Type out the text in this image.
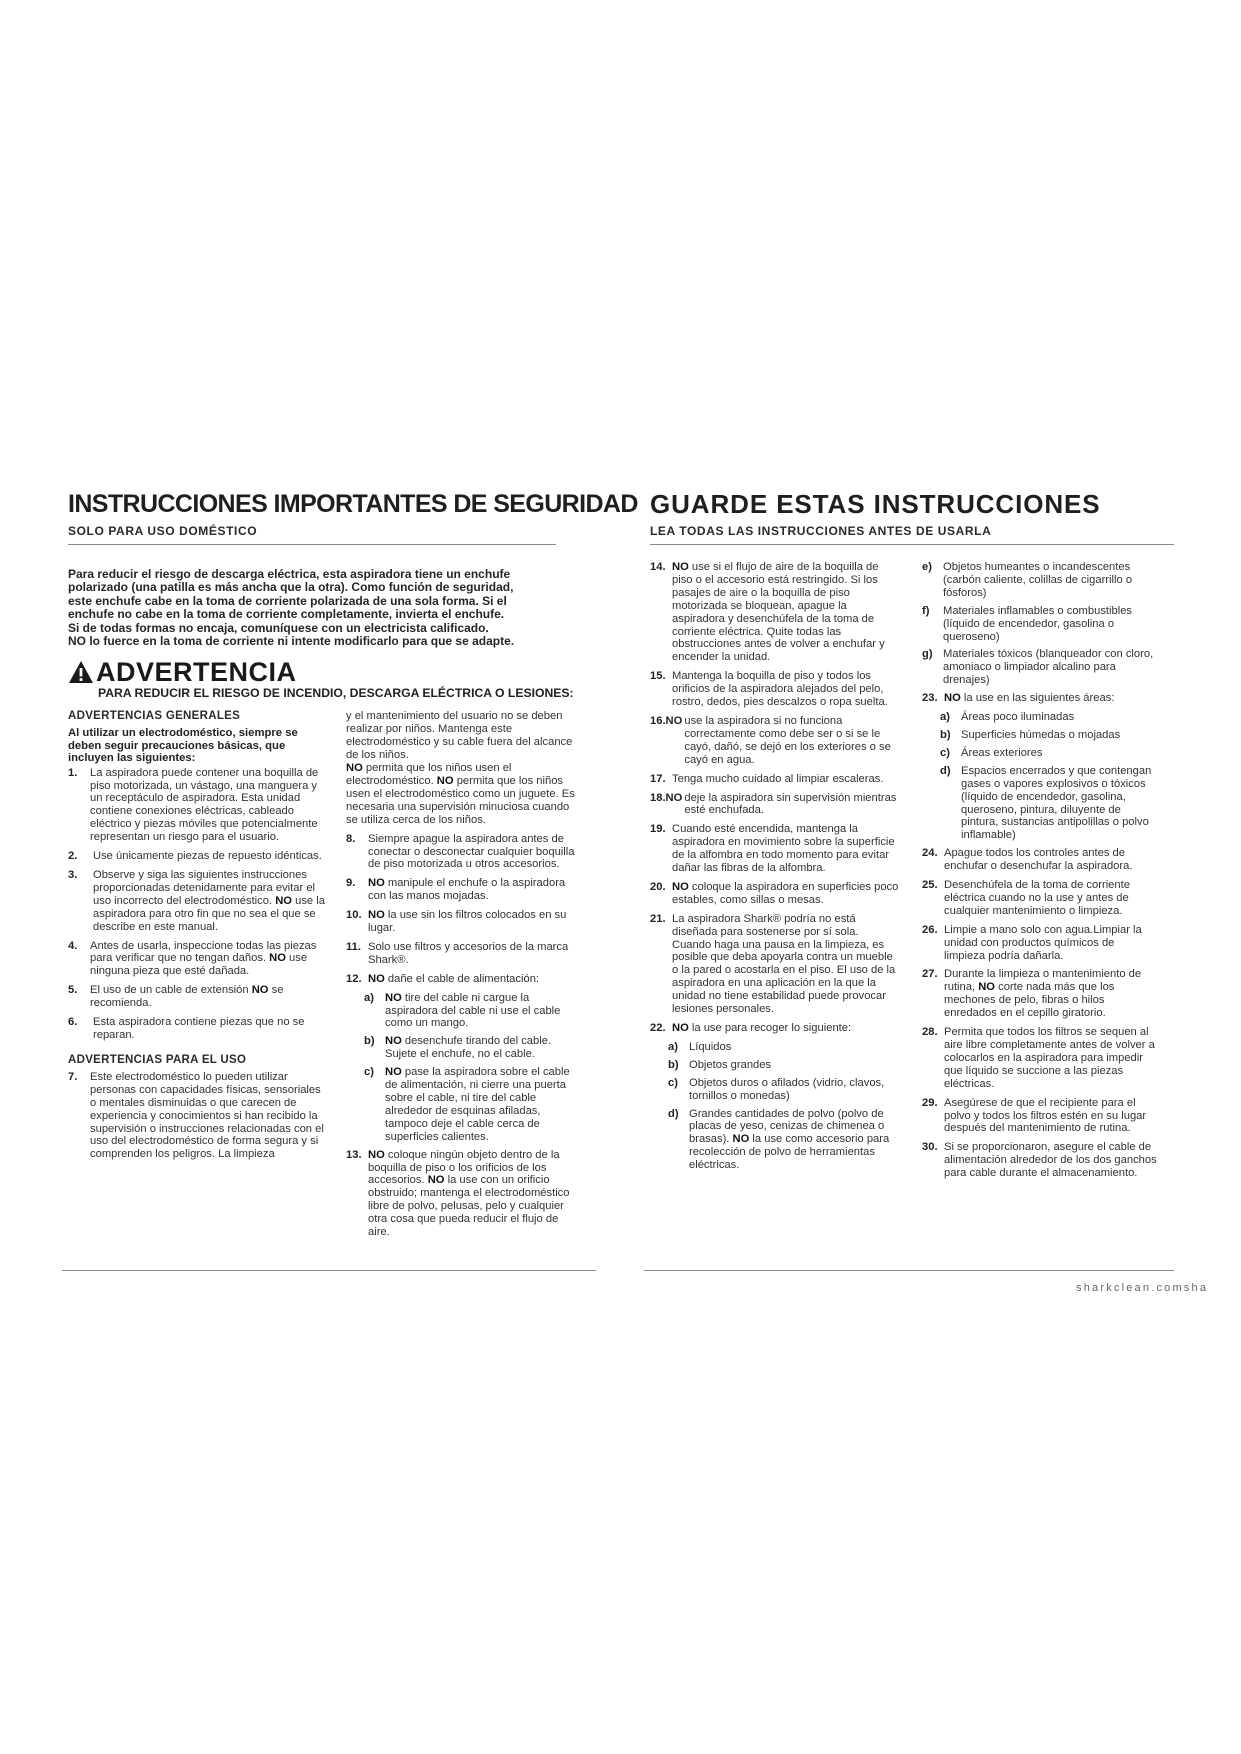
INSTRUCCIONES IMPORTANTES DE SEGURIDAD
SOLO PARA USO DOMÉSTICO
Para reducir el riesgo de descarga eléctrica, esta aspiradora tiene un enchufe
polarizado (una patilla es más ancha que la otra). Como función de seguridad,
este enchufe cabe en la toma de corriente polarizada de una sola forma. Si el
enchufe no cabe en la toma de corriente completamente, invierta el enchufe.
Si de todas formas no encaja, comuníquese con un electricista calificado.
NO lo fuerce en la toma de corriente ni intente modificarlo para que se adapte.
ADVERTENCIA
PARA REDUCIR EL RIESGO DE INCENDIO, DESCARGA ELÉCTRICA O LESIONES:
ADVERTENCIAS GENERALES
Al utilizar un electrodoméstico, siempre se deben seguir precauciones básicas, que incluyen las siguientes:
1.	La aspiradora puede contener una boquilla de piso motorizada, un vástago, una manguera y un receptáculo de aspiradora. Esta unidad contiene conexiones eléctricas, cableado eléctrico y piezas móviles que potencialmente representan un riesgo para el usuario.
2.	Use únicamente piezas de repuesto idénticas.
3.	Observe y siga las siguientes instrucciones proporcionadas detenidamente para evitar el uso incorrecto del electrodoméstico. NO use la aspiradora para otro fin que no sea el que se describe en este manual.
4.	Antes de usarla, inspeccione todas las piezas para verificar que no tengan daños. NO use ninguna pieza que esté dañada.
5.	El uso de un cable de extensión NO se recomienda.
6.	Esta aspiradora contiene piezas que no se reparan.
ADVERTENCIAS PARA EL USO
7.	Este electrodoméstico lo pueden utilizar personas con capacidades físicas, sensoriales o mentales disminuidas o que carecen de experiencia y conocimientos si han recibido la supervisión o instrucciones relacionadas con el uso del electrodoméstico de forma segura y si comprenden los peligros. La limpieza
y el mantenimiento del usuario no se deben realizar por niños. Mantenga este electrodoméstico y su cable fuera del alcance de los niños.
NO permita que los niños usen el electrodoméstico. NO permita que los niños usen el electrodoméstico como un juguete. Es necesaria una supervisión minuciosa cuando se utiliza cerca de los niños.
8.	Siempre apague la aspiradora antes de conectar o desconectar cualquier boquilla de piso motorizada u otros accesorios.
9.	NO manipule el enchufe o la aspiradora con las manos mojadas.
10. NO la use sin los filtros colocados en su lugar.
11. Solo use filtros y accesorios de la marca Shark®.
12. NO dañe el cable de alimentación:
a) NO tire del cable ni cargue la aspiradora del cable ni use el cable como un mango.
b) NO desenchufe tirando del cable. Sujete el enchufe, no el cable.
c) NO pase la aspiradora sobre el cable de alimentación, ni cierre una puerta sobre el cable, ni tire del cable alrededor de esquinas afiladas, tampoco deje el cable cerca de superficies calientes.
13. NO coloque ningún objeto dentro de la boquilla de piso o los orificios de los accesorios. NO la use con un orificio obstruido; mantenga el electrodoméstico libre de polvo, pelusas, pelo y cualquier otra cosa que pueda reducir el flujo de aire.
GUARDE ESTAS INSTRUCCIONES
LEA TODAS LAS INSTRUCCIONES ANTES DE USARLA
14. NO use si el flujo de aire de la boquilla de piso o el accesorio está restringido. Si los pasajes de aire o la boquilla de piso motorizada se bloquean, apague la aspiradora y desenchúfela de la toma de corriente eléctrica. Quite todas las obstrucciones antes de volver a enchufar y encender la unidad.
15. Mantenga la boquilla de piso y todos los orificios de la aspiradora alejados del pelo, rostro, dedos, pies descalzos o ropa suelta.
16.NO use la aspiradora si no funciona correctamente como debe ser o si se le cayó, dañó, se dejó en los exteriores o se cayó en agua.
17. Tenga mucho cuidado al limpiar escaleras.
18.NO deje la aspiradora sin supervisión mientras esté enchufada.
19. Cuando esté encendida, mantenga la aspiradora en movimiento sobre la superficie de la alfombra en todo momento para evitar dañar las fibras de la alfombra.
20. NO coloque la aspiradora en superficies poco estables, como sillas o mesas.
21. La aspiradora Shark® podría no está diseñada para sostenerse por sí sola. Cuando haga una pausa en la limpieza, es posible que deba apoyarla contra un mueble o la pared o acostarla en el piso. El uso de la aspiradora en una aplicación en la que la unidad no tiene estabilidad puede provocar lesiones personales.
22. NO la use para recoger lo siguiente:
a) Líquidos
b) Objetos grandes
c) Objetos duros o afilados (vidrio, clavos, tornillos o monedas)
d) Grandes cantidades de polvo (polvo de placas de yeso, cenizas de chimenea o brasas). NO la use como accesorio para recolección de polvo de herramientas eléctricas.
e) Objetos humeantes o incandescentes (carbón caliente, colillas de cigarrillo o fósforos)
f)	Materiales inflamables o combustibles (líquido de encendedor, gasolina o queroseno)
g) Materiales tóxicos (blanqueador con cloro, amoniaco o limpiador alcalino para drenajes)
23. NO la use en las siguientes áreas:
a) Áreas poco iluminadas
b) Superficies húmedas o mojadas
c) Áreas exteriores
d) Espacios encerrados y que contengan gases o vapores explosivos o tóxicos (líquido de encendedor, gasolina, queroseno, pintura, diluyente de pintura, sustancias antipolillas o polvo inflamable)
24. Apague todos los controles antes de enchufar o desenchufar la aspiradora.
25. Desenchúfela de la toma de corriente eléctrica cuando no la use y antes de cualquier mantenimiento o limpieza.
26. Limpie a mano solo con agua.Limpiar la unidad con productos químicos de limpieza podría dañarla.
27. Durante la limpieza o mantenimiento de rutina, NO corte nada más que los mechones de pelo, fibras o hilos enredados en el cepillo giratorio.
28. Permita que todos los filtros se sequen al aire libre completamente antes de volver a colocarlos en la aspiradora para impedir que líquido se succione a las piezas eléctricas.
29. Asegúrese de que el recipiente para el polvo y todos los filtros estén en su lugar después del mantenimiento de rutina.
30. Si se proporcionaron, asegure el cable de alimentación alrededor de los dos ganchos para cable durante el almacenamiento.
sharkclean.comsha
